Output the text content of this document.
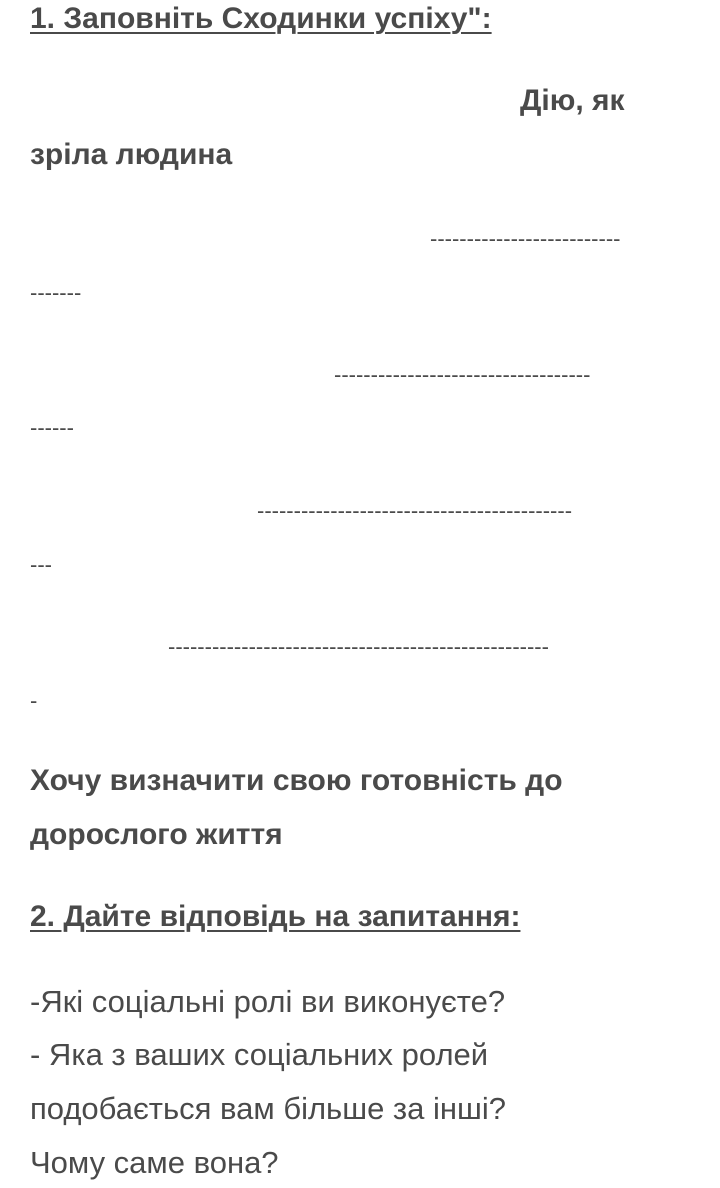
1. Заповніть Сходинки успіху":
Дію, як
зріла людина
--------------------------
-------
-----------------------------------
------
-------------------------------------------
---
----------------------------------------------------
-
Хочу визначити свою готовність до
дорослого життя
2. Дайте відповідь на запитання:
-Які соціальні ролі ви виконуєте?
- Яка з ваших соціальних ролей
подобається вам більше за інші?
Чому саме вона?
